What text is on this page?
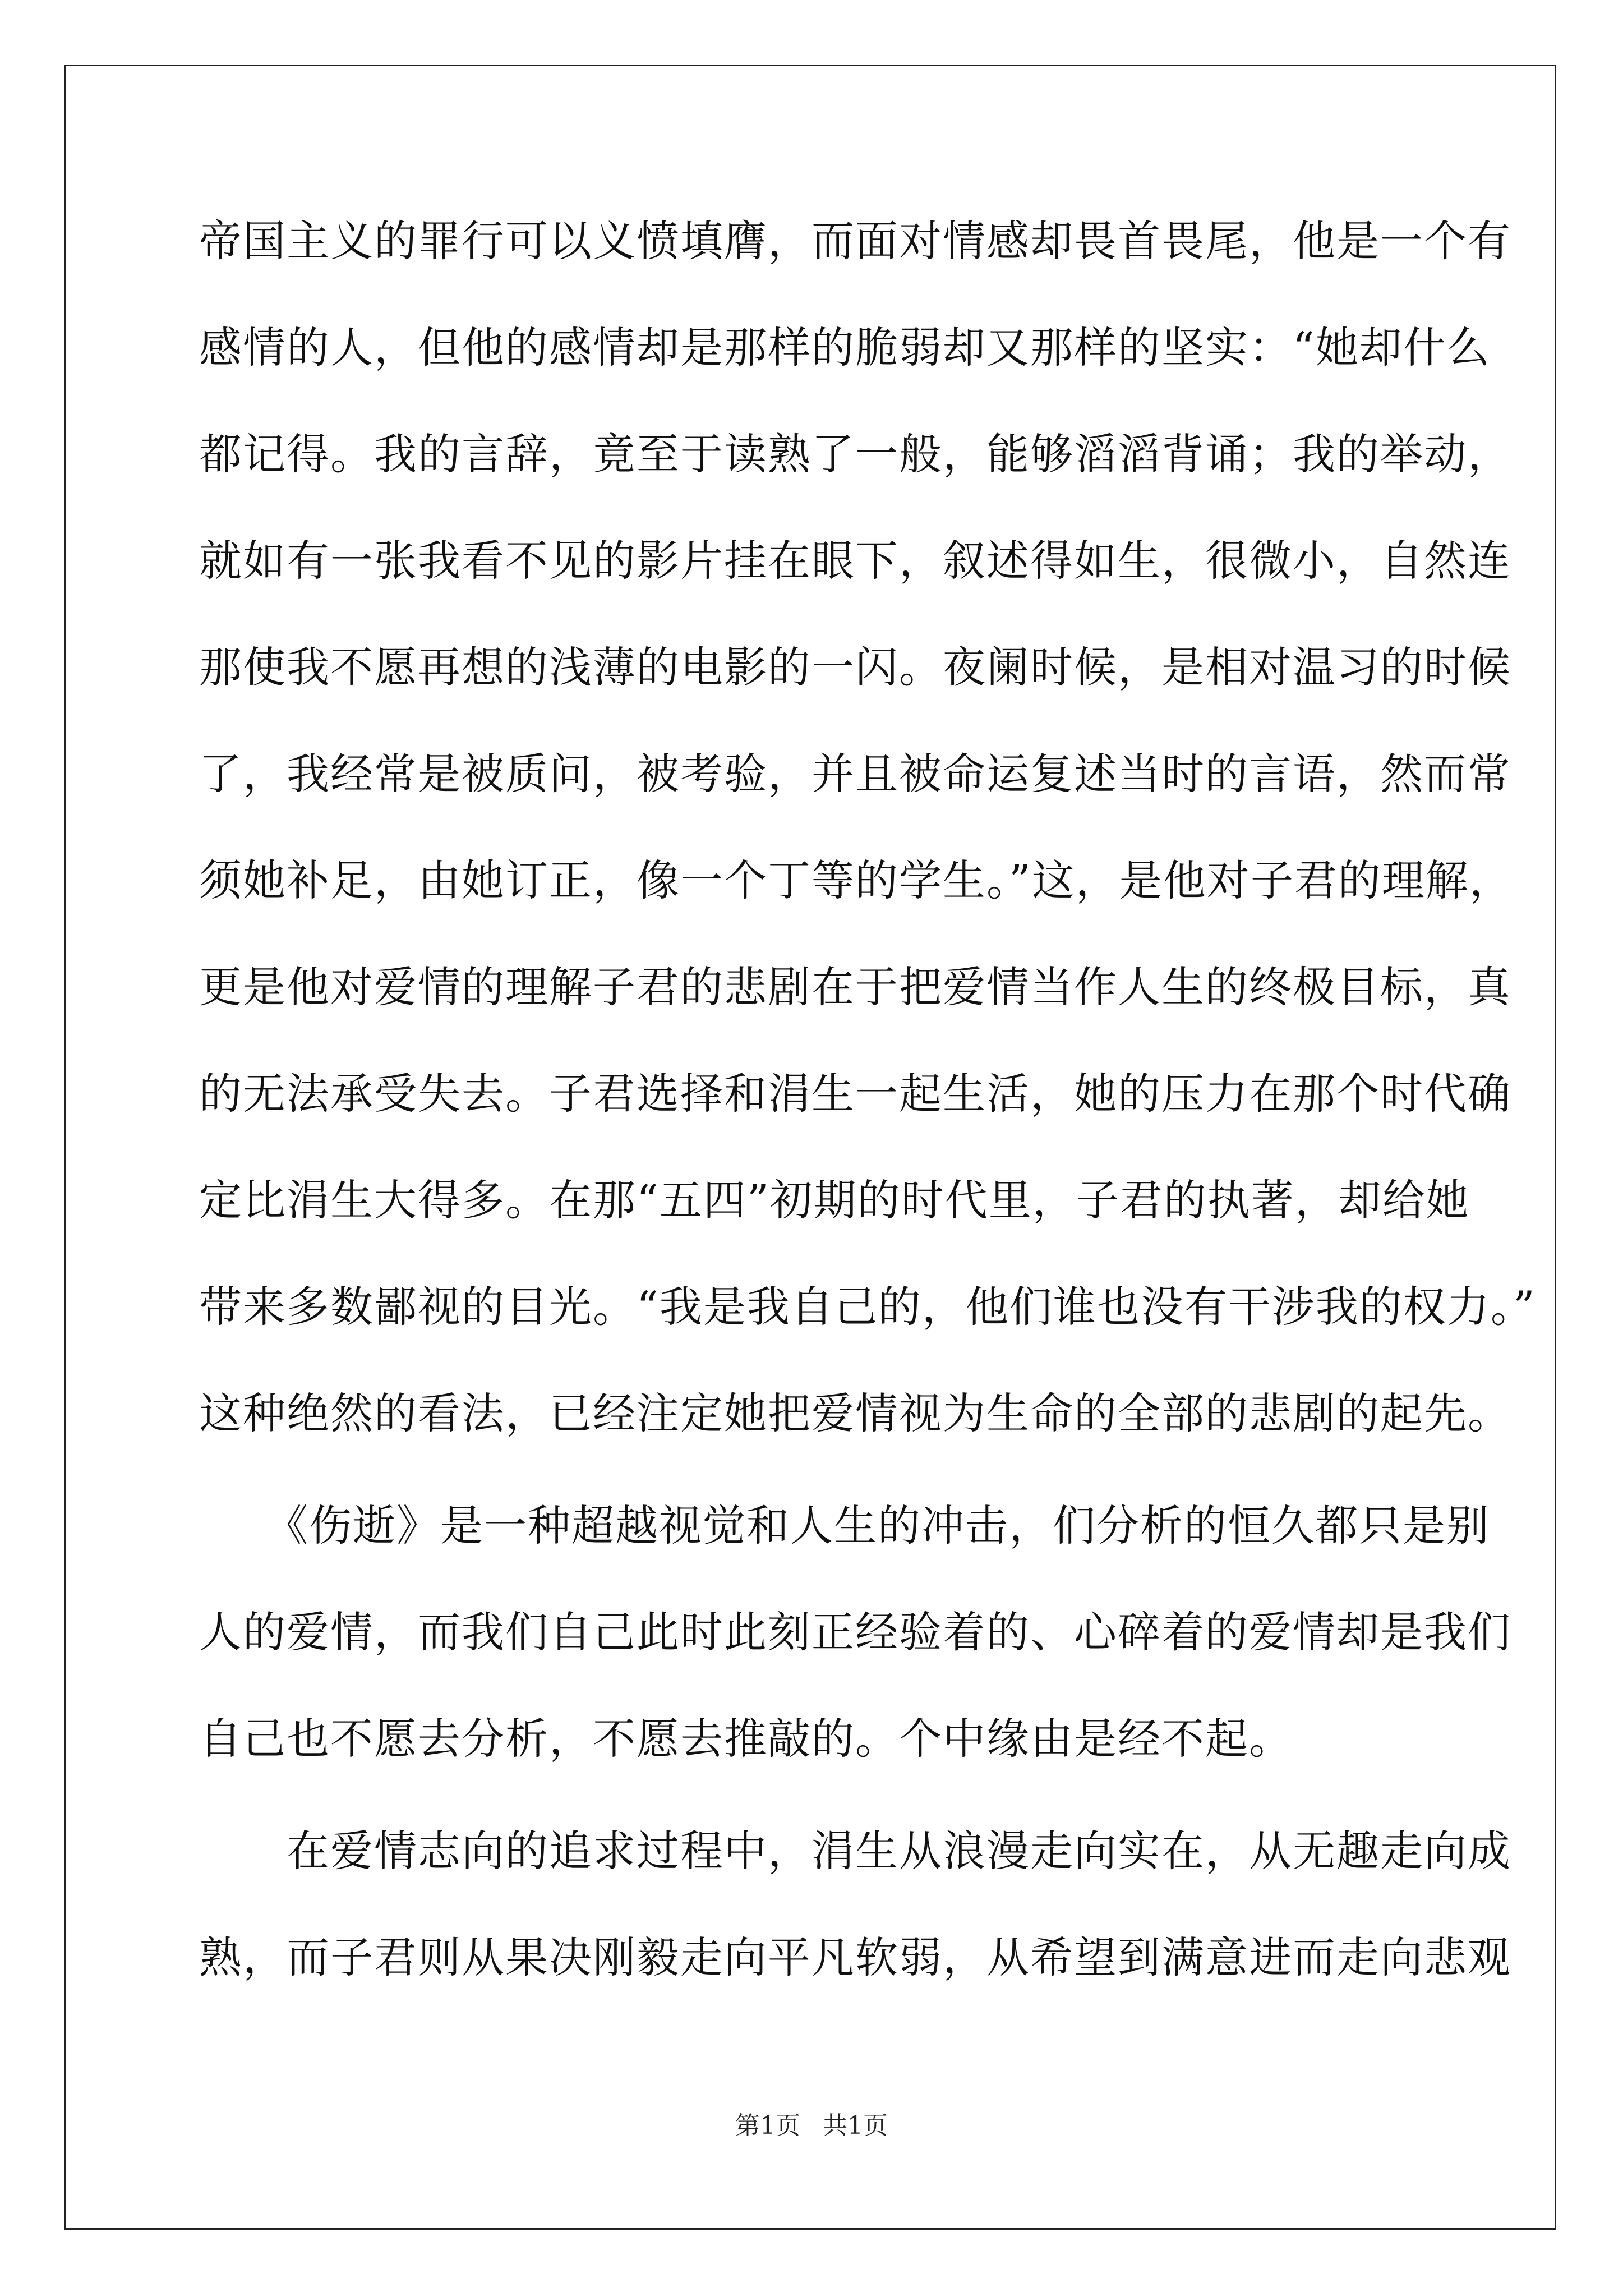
帝国主义的罪行可以义愤填膺，而面对情感却畏首畏尾，他是一个有
感情的人，但他的感情却是那样的脆弱却又那样的坚实：“她却什么
都记得。我的言辞，竟至于读熟了一般，能够滔滔背诵；我的举动，
就如有一张我看不见的影片挂在眼下，叙述得如生，很微小，自然连
那使我不愿再想的浅薄的电影的一闪。夜阑时候，是相对温习的时候
了，我经常是被质问，被考验，并且被命运复述当时的言语，然而常
须她补足，由她订正，像一个丁等的学生。”这，是他对子君的理解，
更是他对爱情的理解子君的悲剧在于把爱情当作人生的终极目标，真
的无法承受失去。子君选择和涓生一起生活，她的压力在那个时代确
定比涓生大得多。在那“五四”初期的时代里，子君的执著，却给她
带来多数鄙视的目光。“我是我自己的，他们谁也没有干涉我的权力。”
这种绝然的看法，已经注定她把爱情视为生命的全部的悲剧的起先。
　　《伤逝》是一种超越视觉和人生的冲击，们分析的恒久都只是别
人的爱情，而我们自己此时此刻正经验着的、心碎着的爱情却是我们
自己也不愿去分析，不愿去推敲的。个中缘由是经不起。
　　在爱情志向的追求过程中，涓生从浪漫走向实在，从无趣走向成
熟，而子君则从果决刚毅走向平凡软弱，从希望到满意进而走向悲观
第1页 共1页
